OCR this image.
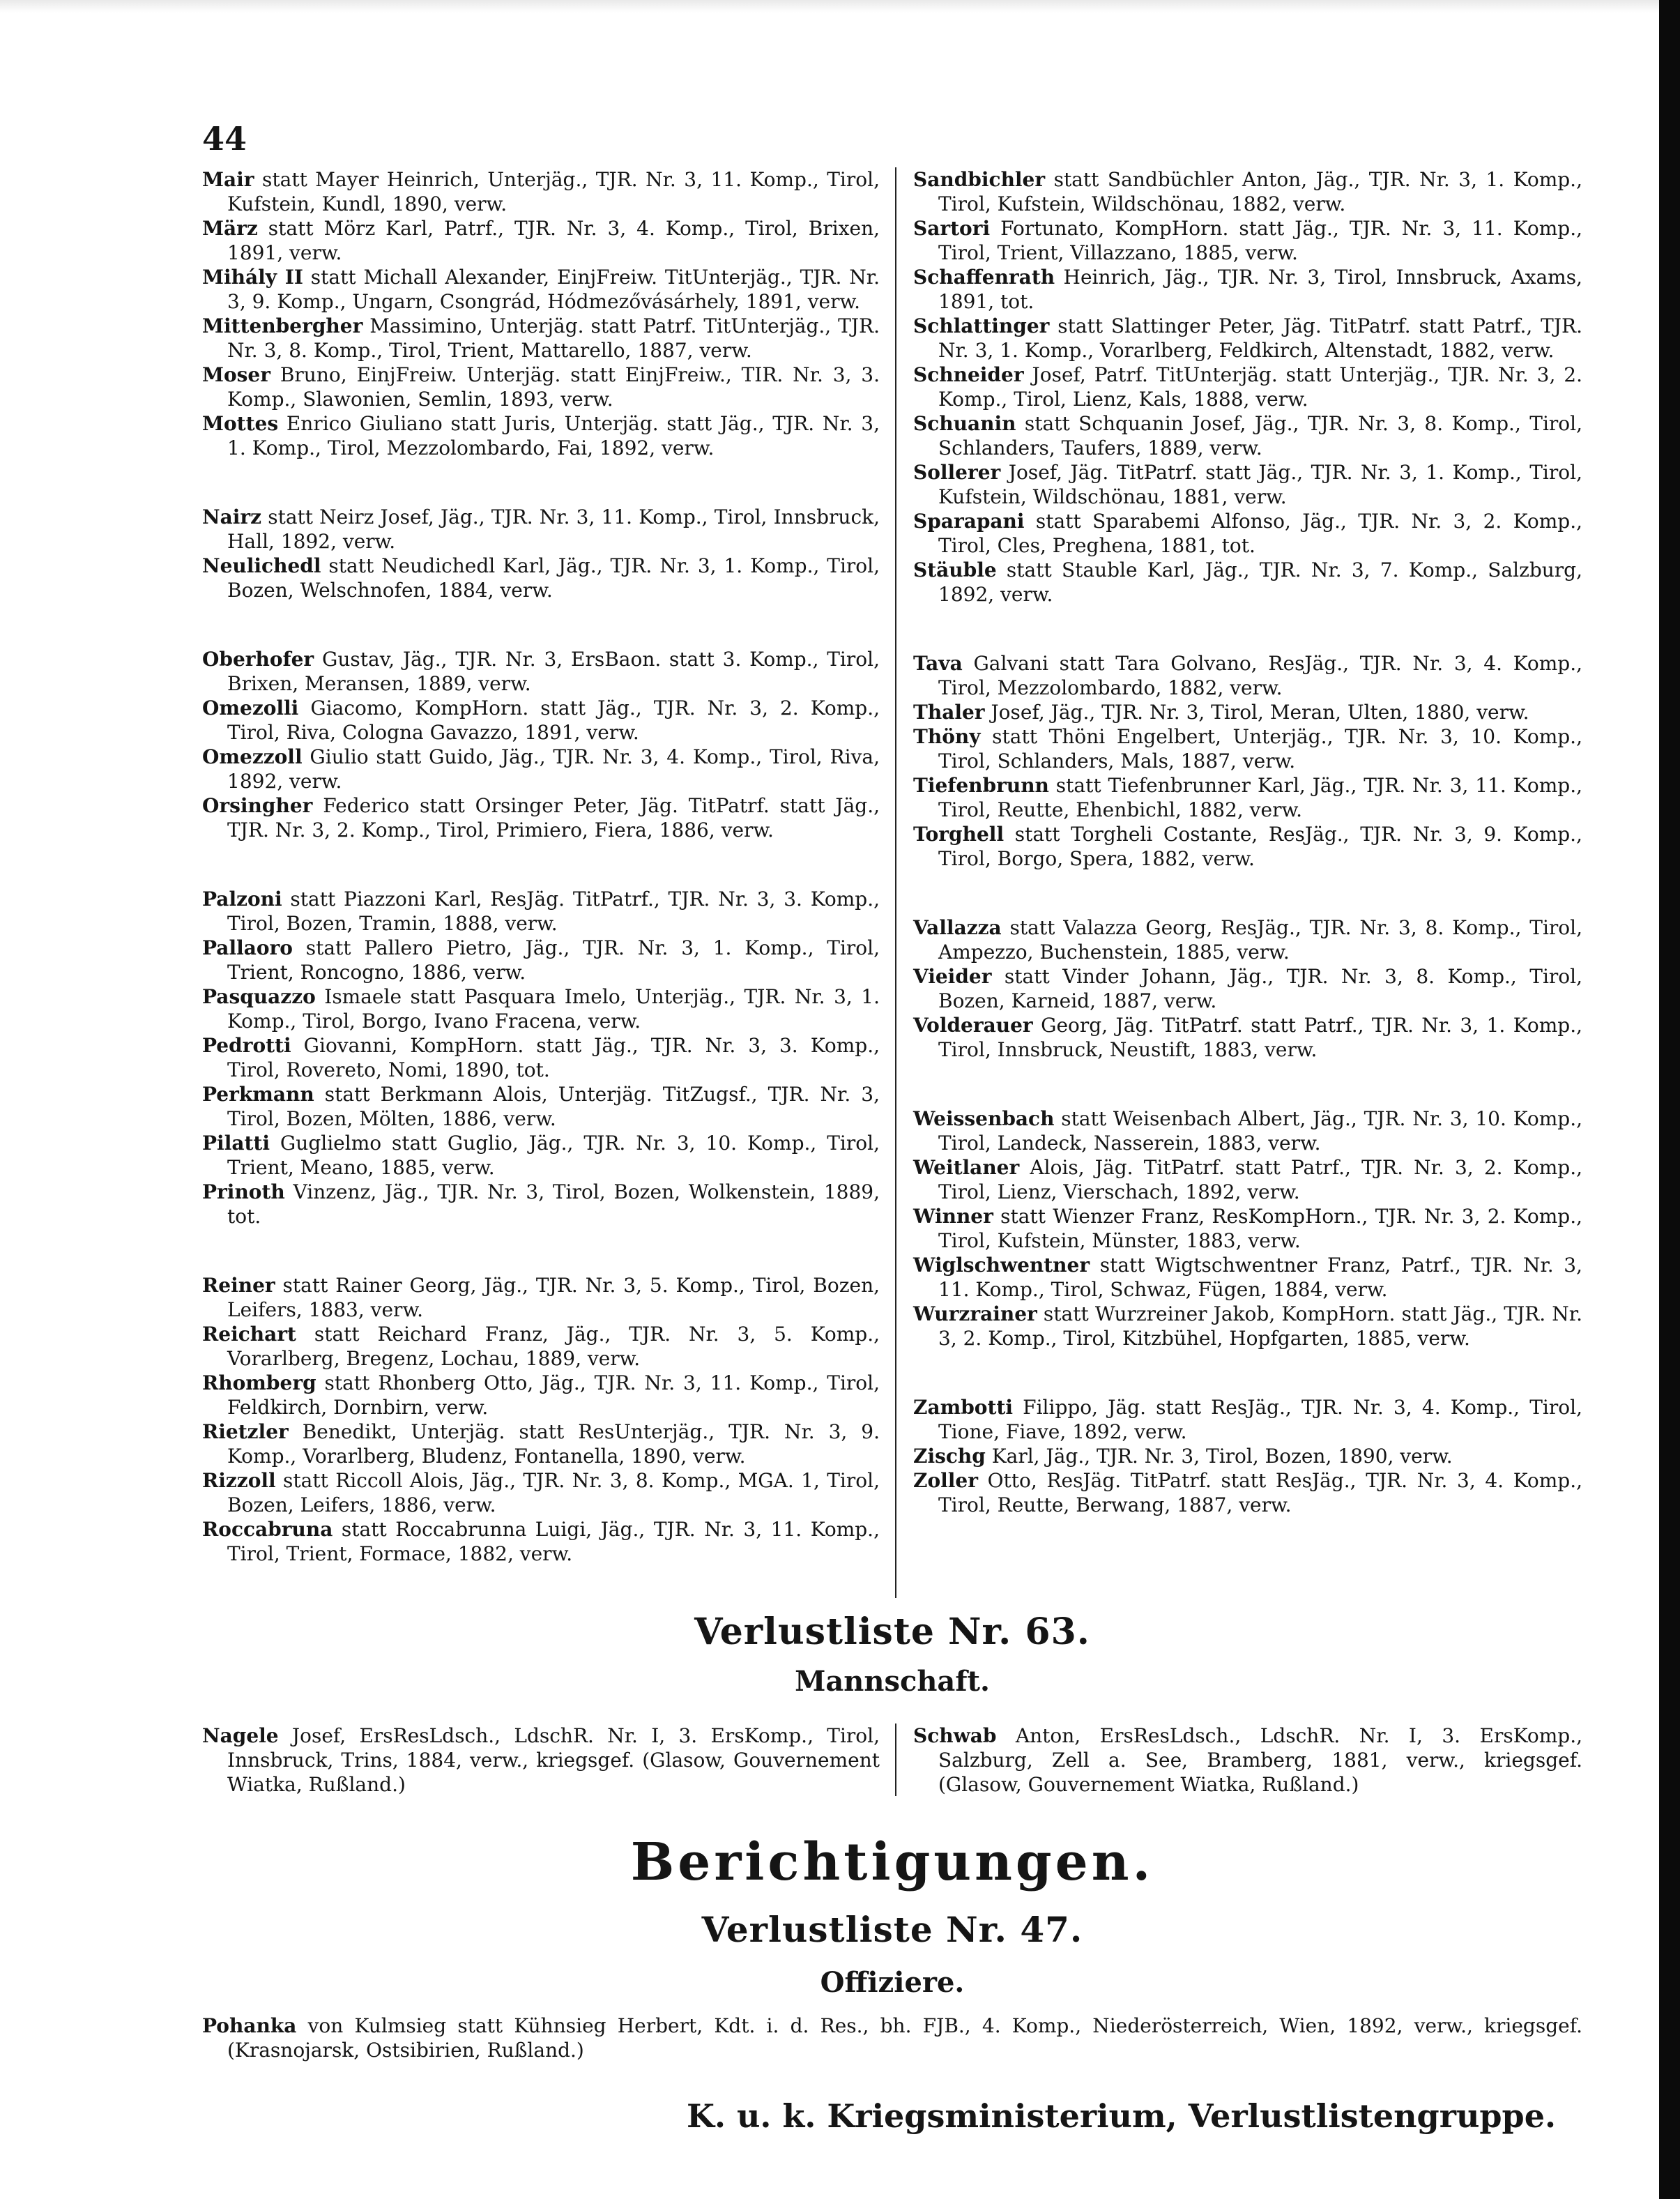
44

Mair statt Mayer Heinrich, Unterjäg., TJR. Nr. 3, 11. Komp., Tirol, Kufstein, Kundl, 1890, verw.

März statt Mörz Karl, Patrf., TJR. Nr. 3, 4. Komp., Tirol, Brixen, 1891, verw.

Mihály II statt Michall Alexander, EinjFreiw. TitUnterjäg., TJR. Nr. 3, 9. Komp., Ungarn, Csongrád, Hódmezővásárhely, 1891, verw.

Mittenbergher Massimino, Unterjäg. statt Patrf. TitUnterjäg., TJR. Nr. 3, 8. Komp., Tirol, Trient, Mattarello, 1887, verw.

Moser Bruno, EinjFreiw. Unterjäg. statt EinjFreiw., TIR. Nr. 3, 3. Komp., Slawonien, Semlin, 1893, verw.

Mottes Enrico Giuliano statt Juris, Unterjäg. statt Jäg., TJR. Nr. 3, 1. Komp., Tirol, Mezzolombardo, Fai, 1892, verw.

Nairz statt Neirz Josef, Jäg., TJR. Nr. 3, 11. Komp., Tirol, Innsbruck, Hall, 1892, verw.

Neulichedl statt Neudichedl Karl, Jäg., TJR. Nr. 3, 1. Komp., Tirol, Bozen, Welschnofen, 1884, verw.

Oberhofer Gustav, Jäg., TJR. Nr. 3, ErsBaon. statt 3. Komp., Tirol, Brixen, Meransen, 1889, verw.

Omezolli Giacomo, KompHorn. statt Jäg., TJR. Nr. 3, 2. Komp., Tirol, Riva, Cologna Gavazzo, 1891, verw.

Omezzoll Giulio statt Guido, Jäg., TJR. Nr. 3, 4. Komp., Tirol, Riva, 1892, verw.

Orsingher Federico statt Orsinger Peter, Jäg. TitPatrf. statt Jäg., TJR. Nr. 3, 2. Komp., Tirol, Primiero, Fiera, 1886, verw.

Palzoni statt Piazzoni Karl, ResJäg. TitPatrf., TJR. Nr. 3, 3. Komp., Tirol, Bozen, Tramin, 1888, verw.

Pallaoro statt Pallero Pietro, Jäg., TJR. Nr. 3, 1. Komp., Tirol, Trient, Roncogno, 1886, verw.

Pasquazzo Ismaele statt Pasquara Imelo, Unterjäg., TJR. Nr. 3, 1. Komp., Tirol, Borgo, Ivano Fracena, verw.

Pedrotti Giovanni, KompHorn. statt Jäg., TJR. Nr. 3, 3. Komp., Tirol, Rovereto, Nomi, 1890, tot.

Perkmann statt Berkmann Alois, Unterjäg. TitZugsf., TJR. Nr. 3, Tirol, Bozen, Mölten, 1886, verw.

Pilatti Guglielmo statt Guglio, Jäg., TJR. Nr. 3, 10. Komp., Tirol, Trient, Meano, 1885, verw.

Prinoth Vinzenz, Jäg., TJR. Nr. 3, Tirol, Bozen, Wolkenstein, 1889, tot.

Reiner statt Rainer Georg, Jäg., TJR. Nr. 3, 5. Komp., Tirol, Bozen, Leifers, 1883, verw.

Reichart statt Reichard Franz, Jäg., TJR. Nr. 3, 5. Komp., Vorarlberg, Bregenz, Lochau, 1889, verw.

Rhomberg statt Rhonberg Otto, Jäg., TJR. Nr. 3, 11. Komp., Tirol, Feldkirch, Dornbirn, verw.

Rietzler Benedikt, Unterjäg. statt ResUnterjäg., TJR. Nr. 3, 9. Komp., Vorarlberg, Bludenz, Fontanella, 1890, verw.

Rizzoll statt Riccoll Alois, Jäg., TJR. Nr. 3, 8. Komp., MGA. 1, Tirol, Bozen, Leifers, 1886, verw.

Roccabruna statt Roccabrunna Luigi, Jäg., TJR. Nr. 3, 11. Komp., Tirol, Trient, Formace, 1882, verw.

Sandbichler statt Sandbüchler Anton, Jäg., TJR. Nr. 3, 1. Komp., Tirol, Kufstein, Wildschönau, 1882, verw.

Sartori Fortunato, KompHorn. statt Jäg., TJR. Nr. 3, 11. Komp., Tirol, Trient, Villazzano, 1885, verw.

Schaffenrath Heinrich, Jäg., TJR. Nr. 3, Tirol, Innsbruck, Axams, 1891, tot.

Schlattinger statt Slattinger Peter, Jäg. TitPatrf. statt Patrf., TJR. Nr. 3, 1. Komp., Vorarlberg, Feldkirch, Altenstadt, 1882, verw.

Schneider Josef, Patrf. TitUnterjäg. statt Unterjäg., TJR. Nr. 3, 2. Komp., Tirol, Lienz, Kals, 1888, verw.

Schuanin statt Schquanin Josef, Jäg., TJR. Nr. 3, 8. Komp., Tirol, Schlanders, Taufers, 1889, verw.

Sollerer Josef, Jäg. TitPatrf. statt Jäg., TJR. Nr. 3, 1. Komp., Tirol, Kufstein, Wildschönau, 1881, verw.

Sparapani statt Sparabemi Alfonso, Jäg., TJR. Nr. 3, 2. Komp., Tirol, Cles, Preghena, 1881, tot.

Stäuble statt Stauble Karl, Jäg., TJR. Nr. 3, 7. Komp., Salzburg, 1892, verw.

Tava Galvani statt Tara Golvano, ResJäg., TJR. Nr. 3, 4. Komp., Tirol, Mezzolombardo, 1882, verw.

Thaler Josef, Jäg., TJR. Nr. 3, Tirol, Meran, Ulten, 1880, verw.

Thöny statt Thöni Engelbert, Unterjäg., TJR. Nr. 3, 10. Komp., Tirol, Schlanders, Mals, 1887, verw.

Tiefenbrunn statt Tiefenbrunner Karl, Jäg., TJR. Nr. 3, 11. Komp., Tirol, Reutte, Ehenbichl, 1882, verw.

Torghell statt Torgheli Costante, ResJäg., TJR. Nr. 3, 9. Komp., Tirol, Borgo, Spera, 1882, verw.

Vallazza statt Valazza Georg, ResJäg., TJR. Nr. 3, 8. Komp., Tirol, Ampezzo, Buchenstein, 1885, verw.

Vieider statt Vinder Johann, Jäg., TJR. Nr. 3, 8. Komp., Tirol, Bozen, Karneid, 1887, verw.

Volderauer Georg, Jäg. TitPatrf. statt Patrf., TJR. Nr. 3, 1. Komp., Tirol, Innsbruck, Neustift, 1883, verw.

Weissenbach statt Weisenbach Albert, Jäg., TJR. Nr. 3, 10. Komp., Tirol, Landeck, Nasserein, 1883, verw.

Weitlaner Alois, Jäg. TitPatrf. statt Patrf., TJR. Nr. 3, 2. Komp., Tirol, Lienz, Vierschach, 1892, verw.

Winner statt Wienzer Franz, ResKompHorn., TJR. Nr. 3, 2. Komp., Tirol, Kufstein, Münster, 1883, verw.

Wiglschwentner statt Wigtschwentner Franz, Patrf., TJR. Nr. 3, 11. Komp., Tirol, Schwaz, Fügen, 1884, verw.

Wurzrainer statt Wurzreiner Jakob, KompHorn. statt Jäg., TJR. Nr. 3, 2. Komp., Tirol, Kitzbühel, Hopfgarten, 1885, verw.

Zambotti Filippo, Jäg. statt ResJäg., TJR. Nr. 3, 4. Komp., Tirol, Tione, Fiave, 1892, verw.

Zischg Karl, Jäg., TJR. Nr. 3, Tirol, Bozen, 1890, verw.

Zoller Otto, ResJäg. TitPatrf. statt ResJäg., TJR. Nr. 3, 4. Komp., Tirol, Reutte, Berwang, 1887, verw.

Verlustliste Nr. 63.
Mannschaft.

Nagele Josef, ErsResLdsch., LdschR. Nr. I, 3. ErsKomp., Tirol, Innsbruck, Trins, 1884, verw., kriegsgef. (Glasow, Gouvernement Wiatka, Rußland.)

Schwab Anton, ErsResLdsch., LdschR. Nr. I, 3. ErsKomp., Salzburg, Zell a. See, Bramberg, 1881, verw., kriegsgef. (Glasow, Gouvernement Wiatka, Rußland.)

Berichtigungen.
Verlustliste Nr. 47.
Offiziere.

Pohanka von Kulmsieg statt Kühnsieg Herbert, Kdt. i. d. Res., bh. FJB., 4. Komp., Niederösterreich, Wien, 1892, verw., kriegsgef. (Krasnojarsk, Ostsibirien, Rußland.)

K. u. k. Kriegsministerium, Verlustlistengruppe.
